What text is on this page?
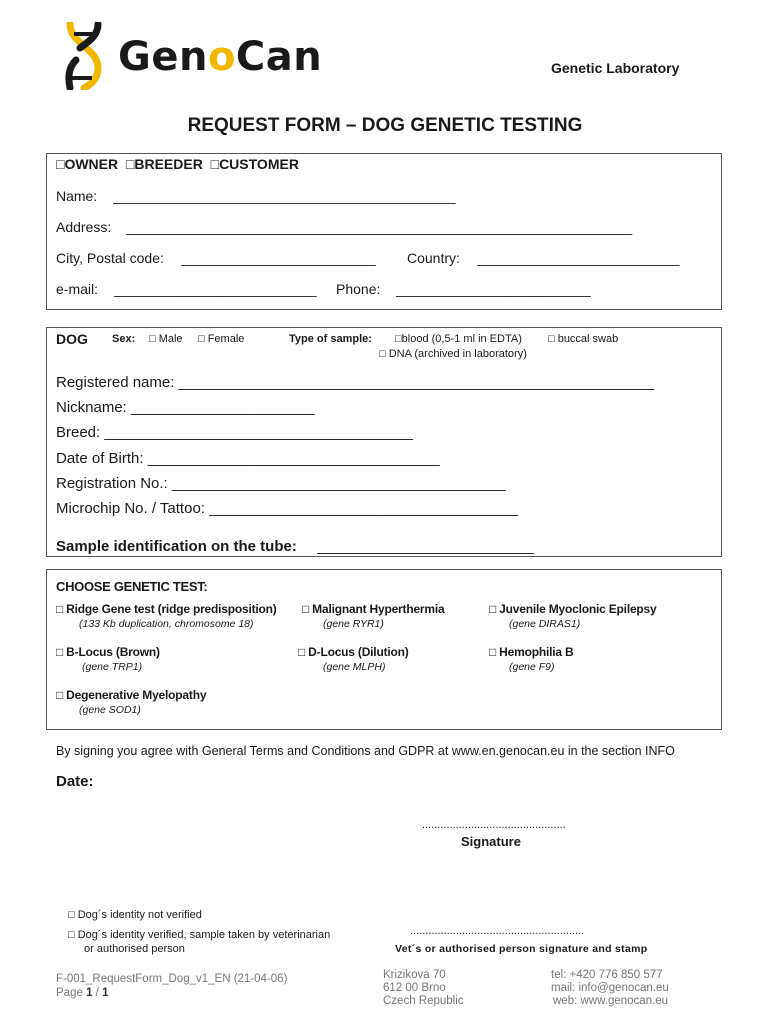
GenoCan	Genetic Laboratory
REQUEST FORM – DOG GENETIC TESTING
□OWNER □BREEDER □CUSTOMER
Name: ____________________________________________
Address: _________________________________________________________________
City, Postal code: _________________________	Country: __________________________
e-mail: __________________________	Phone: _________________________
DOG Sex: □ Male □ Female	Type of sample: □blood (0,5-1 ml in EDTA) □ buccal swab
□ DNA (archived in laboratory)
Registered name: _________________________________________________________
Nickname: ______________________
Breed: _____________________________________
Date of Birth: ___________________________________
Registration No.: ________________________________________
Microchip No. / Tattoo: _____________________________________
Sample identification on the tube: __________________________
CHOOSE GENETIC TEST:
□ Ridge Gene test (ridge predisposition)
(133 Kb duplication, chromosome 18)
□ Malignant Hyperthermia
(gene RYR1)
□ Juvenile Myoclonic Epilepsy
(gene DIRAS1)
□ B-Locus (Brown)
(gene TRP1)
□ D-Locus (Dilution)
(gene MLPH)
□ Hemophilia B
(gene F9)
□ Degenerative Myelopathy
(gene SOD1)
By signing you agree with General Terms and Conditions and GDPR at www.en.genocan.eu in the section INFO
Date:
...............................................
Signature
□ Dog´s identity not verified
□ Dog´s identity verified, sample taken by veterinarian
or authorised person
.........................................................
Vet´s or authorised person signature and stamp
F-001_RequestForm_Dog_v1_EN (21-04-06)
Page 1 / 1
Krizikova 70
612 00 Brno
Czech Republic
tel: +420 776 850 577
mail: info@genocan.eu
web: www.genocan.eu
